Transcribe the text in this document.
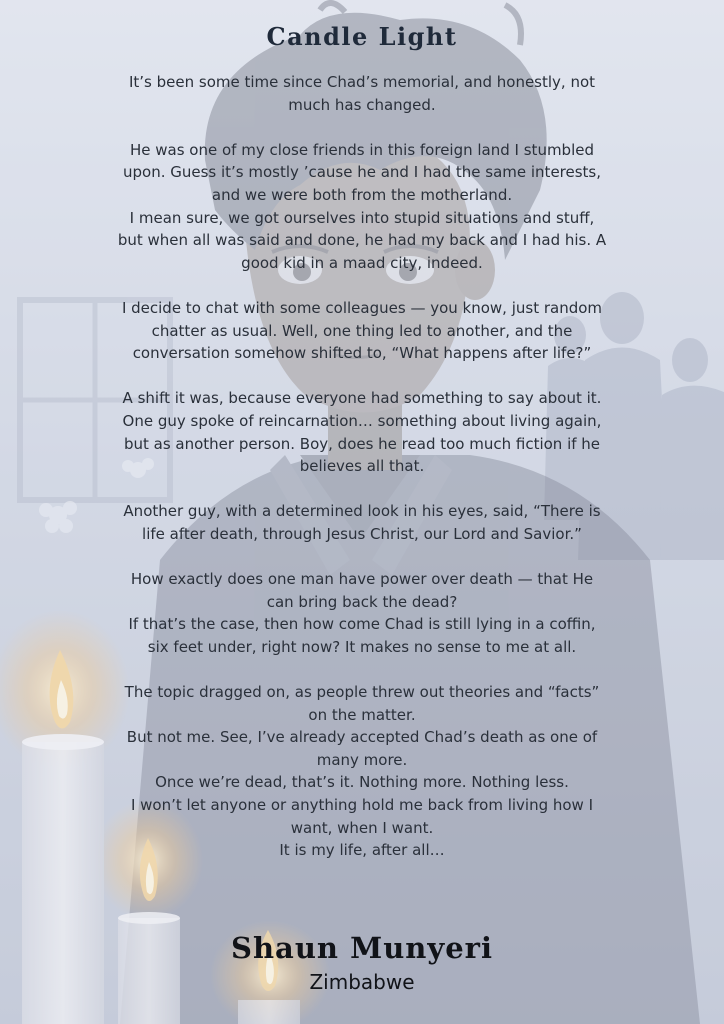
Candle Light
It’s been some time since Chad’s memorial, and honestly, not
much has changed.
He was one of my close friends in this foreign land I stumbled
upon. Guess it’s mostly ’cause he and I had the same interests,
and we were both from the motherland.
I mean sure, we got ourselves into stupid situations and stuff,
but when all was said and done, he had my back and I had his. A
good kid in a maad city, indeed.
I decide to chat with some colleagues — you know, just random
chatter as usual. Well, one thing led to another, and the
conversation somehow shifted to, “What happens after life?”
A shift it was, because everyone had something to say about it.
One guy spoke of reincarnation… something about living again,
but as another person. Boy, does he read too much fiction if he
believes all that.
Another guy, with a determined look in his eyes, said, “There is
life after death, through Jesus Christ, our Lord and Savior.”
How exactly does one man have power over death — that He
can bring back the dead?
If that’s the case, then how come Chad is still lying in a coffin,
six feet under, right now? It makes no sense to me at all.
The topic dragged on, as people threw out theories and “facts”
on the matter.
But not me. See, I’ve already accepted Chad’s death as one of
many more.
Once we’re dead, that’s it. Nothing more. Nothing less.
I won’t let anyone or anything hold me back from living how I
want, when I want.
It is my life, after all…
Shaun Munyeri
Zimbabwe
